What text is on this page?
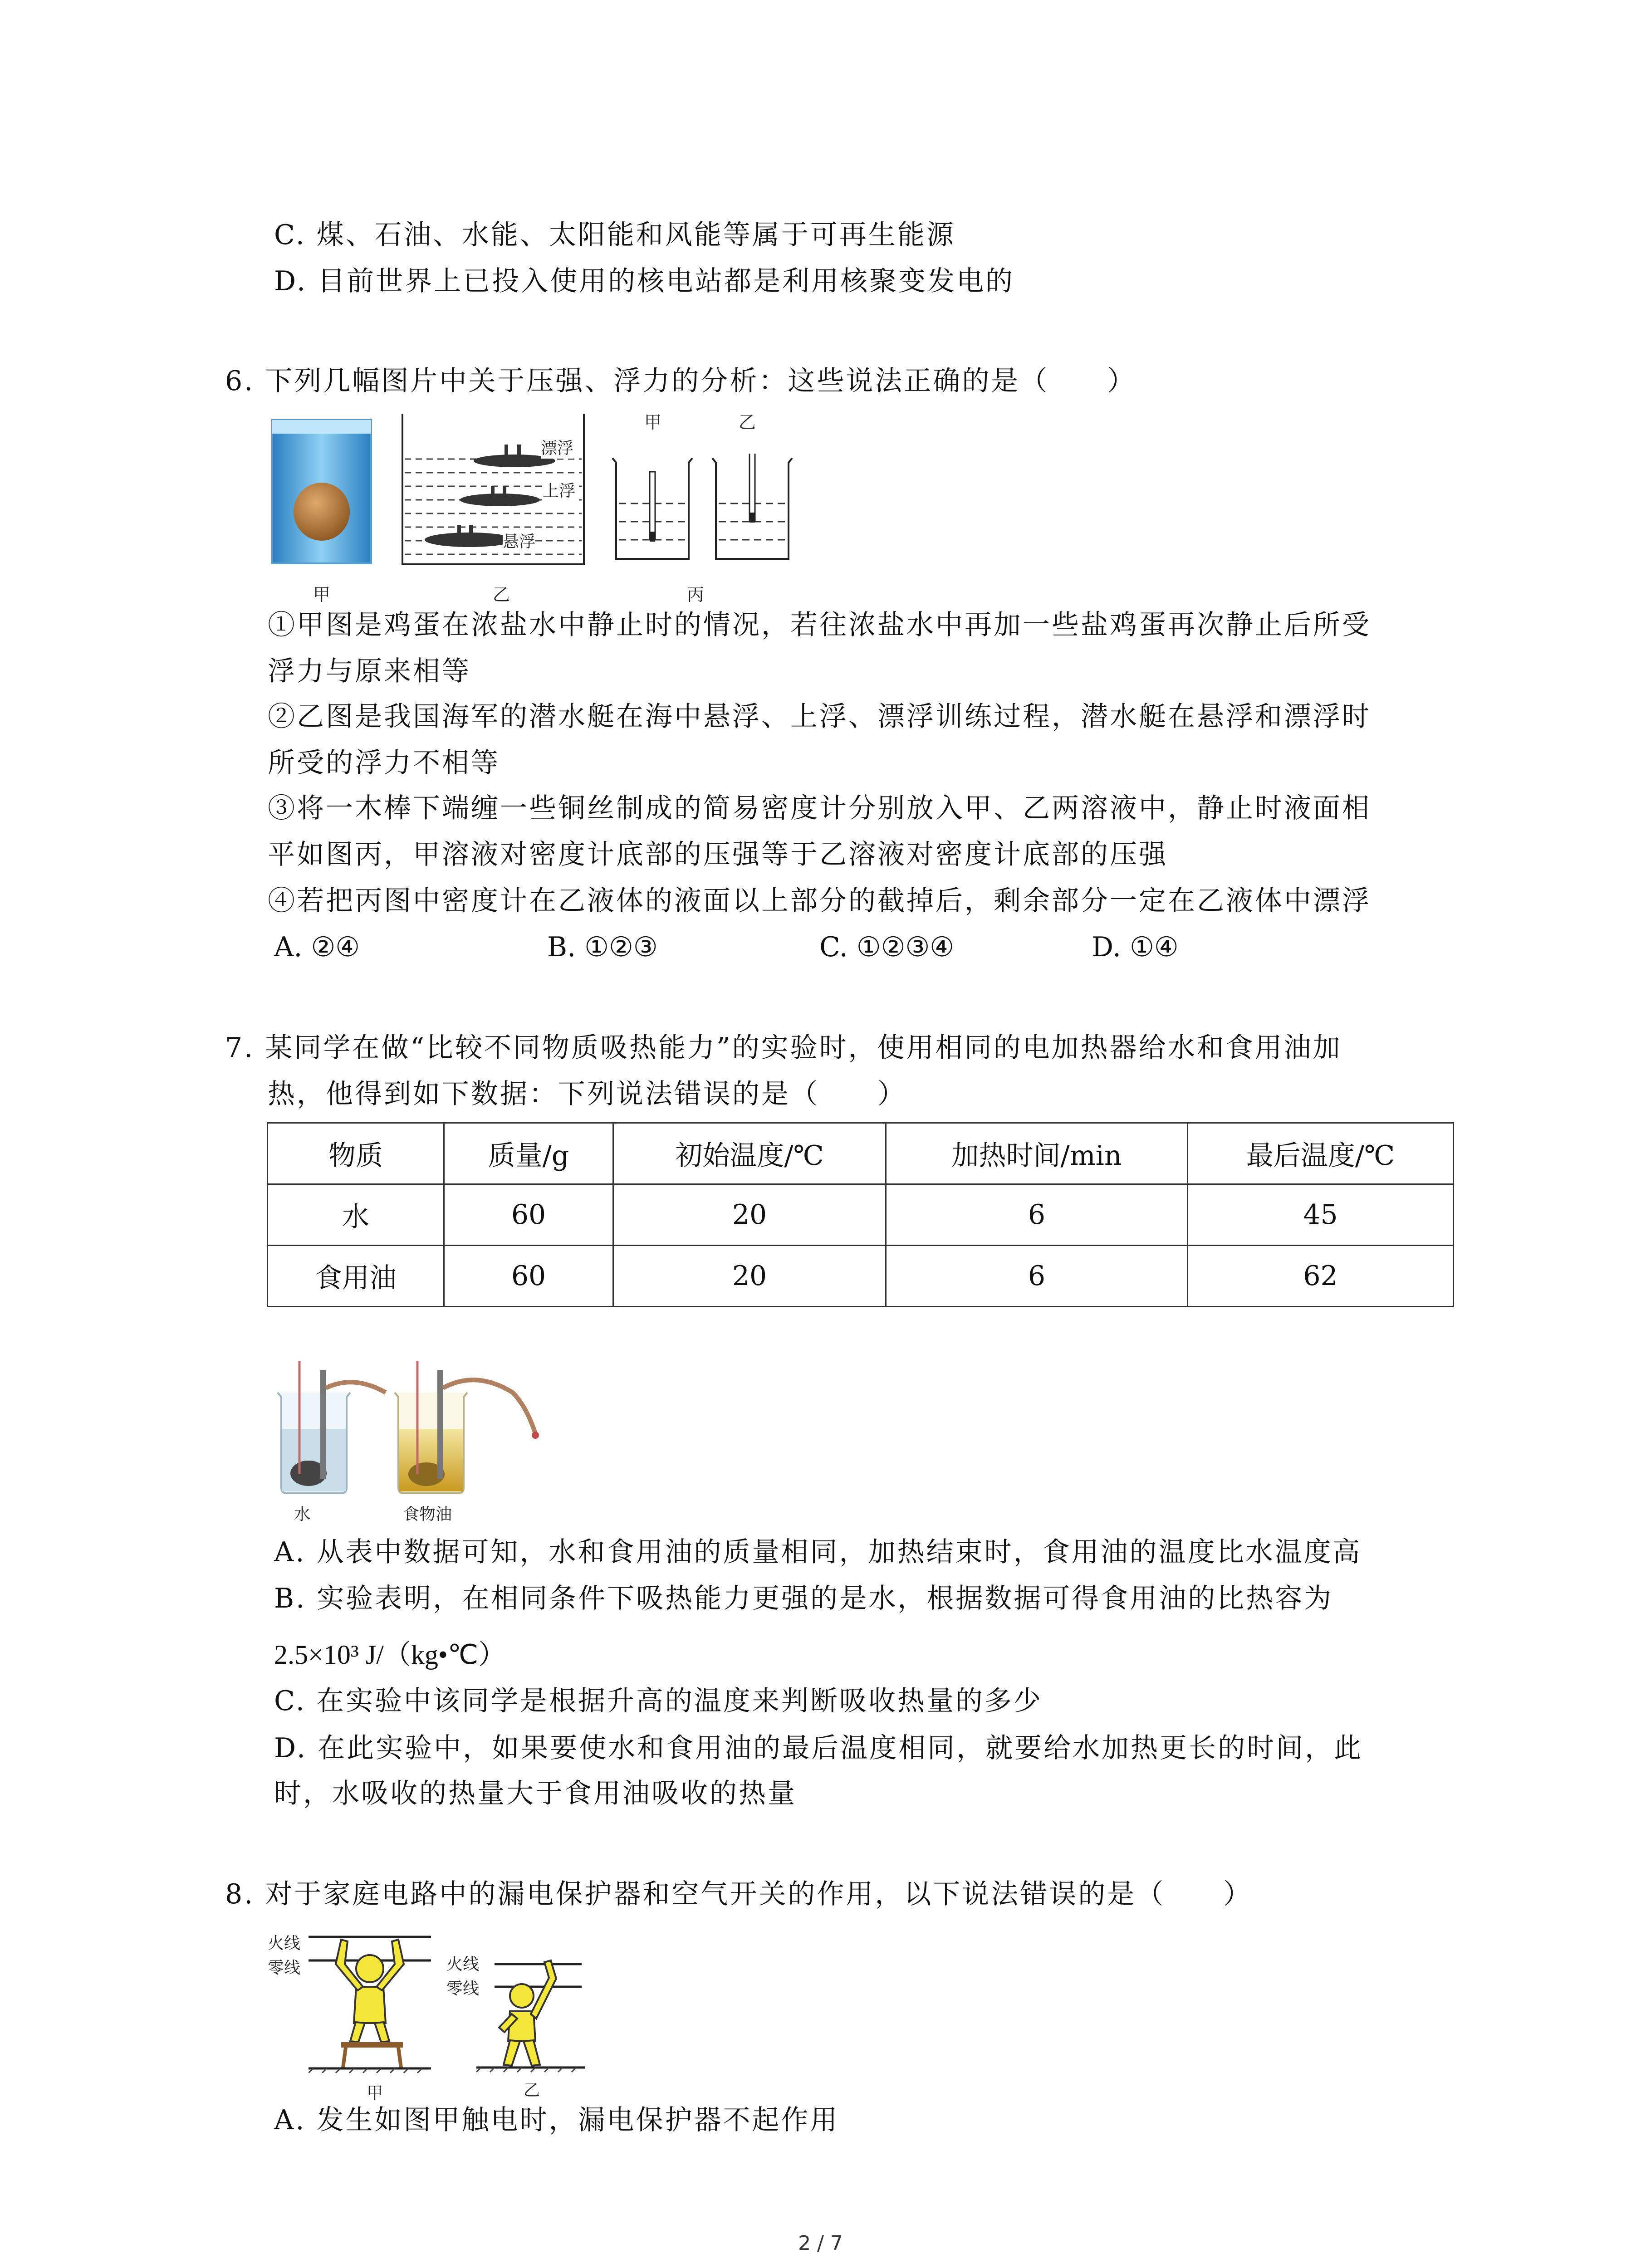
C. 煤、石油、水能、太阳能和风能等属于可再生能源
D. 目前世界上已投入使用的核电站都是利用核聚变发电的
6. 下列几幅图片中关于压强、浮力的分析：这些说法正确的是（　　）
甲
漂浮
上浮
悬浮
乙
甲	乙
丙
①甲图是鸡蛋在浓盐水中静止时的情况，若往浓盐水中再加一些盐鸡蛋再次静止后所受
浮力与原来相等
②乙图是我国海军的潜水艇在海中悬浮、上浮、漂浮训练过程，潜水艇在悬浮和漂浮时
所受的浮力不相等
③将一木棒下端缠一些铜丝制成的简易密度计分别放入甲、乙两溶液中，静止时液面相
平如图丙，甲溶液对密度计底部的压强等于乙溶液对密度计底部的压强
④若把丙图中密度计在乙液体的液面以上部分的截掉后，剩余部分一定在乙液体中漂浮
A. ②④	B. ①②③	C. ①②③④	D. ①④
7. 某同学在做“比较不同物质吸热能力”的实验时，使用相同的电加热器给水和食用油加
热，他得到如下数据：下列说法错误的是（　　）
物质	质量/g	初始温度/℃	加热时间/min	最后温度/℃
水	60	20	6	45
食用油	60	20	6	62
水	食物油
A. 从表中数据可知，水和食用油的质量相同，加热结束时，食用油的温度比水温度高
B. 实验表明，在相同条件下吸热能力更强的是水，根据数据可得食用油的比热容为
2.5×10³ J/（kg•℃）
C. 在实验中该同学是根据升高的温度来判断吸收热量的多少
D. 在此实验中，如果要使水和食用油的最后温度相同，就要给水加热更长的时间，此
时，水吸收的热量大于食用油吸收的热量
8. 对于家庭电路中的漏电保护器和空气开关的作用，以下说法错误的是（　　）
火线
零线
甲
火线
零线
乙
A. 发生如图甲触电时，漏电保护器不起作用
2 / 7
